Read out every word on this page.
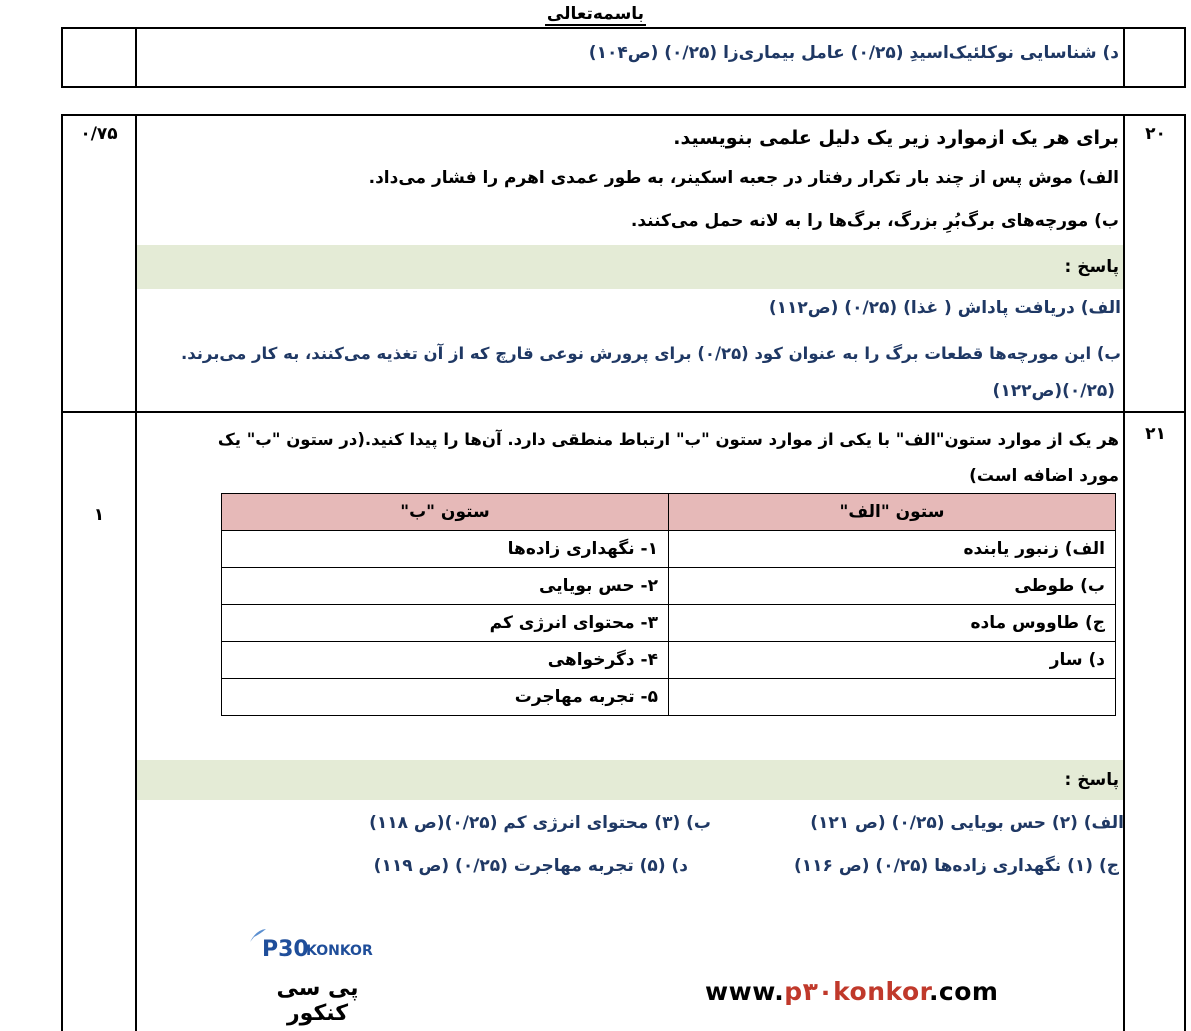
باسمه‌تعالی
د) شناسایی نوکلئیک‌اسیدِ (۰/۲۵) عامل بیماری‌زا (۰/۲۵) (ص۱۰۴)
۲۰
۰/۷۵	برای هر یک ازموارد زیر یک دلیل علمی بنویسید.
الف) موش پس از چند بار تکرار رفتار در جعبه اسکینر، به طور عمدی اهرم را فشار می‌داد.
ب) مورچه‌های برگ‌بُرِ بزرگ، برگ‌ها را به لانه حمل می‌کنند.
پاسخ :
الف) دریافت پاداش ( غذا) (۰/۲۵) (ص۱۱۲)
ب) این مورچه‌ها قطعات برگ را به عنوان کود (۰/۲۵) برای پرورش نوعی قارچ که از آن تغذیه می‌کنند، به کار می‌برند.
(۰/۲۵)(ص۱۲۲)
۲۱
۱
هر یک از موارد ستون"الف" با یکی از موارد ستون "ب" ارتباط منطقی دارد. آن‌ها را پیدا کنید.(در ستون "ب" یک
مورد اضافه است)
ستون "الف"	ستون "ب"
الف) زنبور یابنده	۱- نگهداری زاده‌ها
ب) طوطی	۲- حس بویایی
ج) طاووس ماده	۳- محتوای انرژی کم
د) سار	۴- دگرخواهی
	۵- تجربه مهاجرت
پاسخ :
الف) (۲) حس بویایی (۰/۲۵) (ص ۱۲۱)
ب) (۳) محتوای انرژی کم (۰/۲۵)(ص ۱۱۸)
ج) (۱) نگهداری زاده‌ها (۰/۲۵) (ص ۱۱۶)
د) (۵) تجربه مهاجرت (۰/۲۵) (ص ۱۱۹)
P30
KONKOR
پی سی کنکور
www.p۳۰konkor.com
